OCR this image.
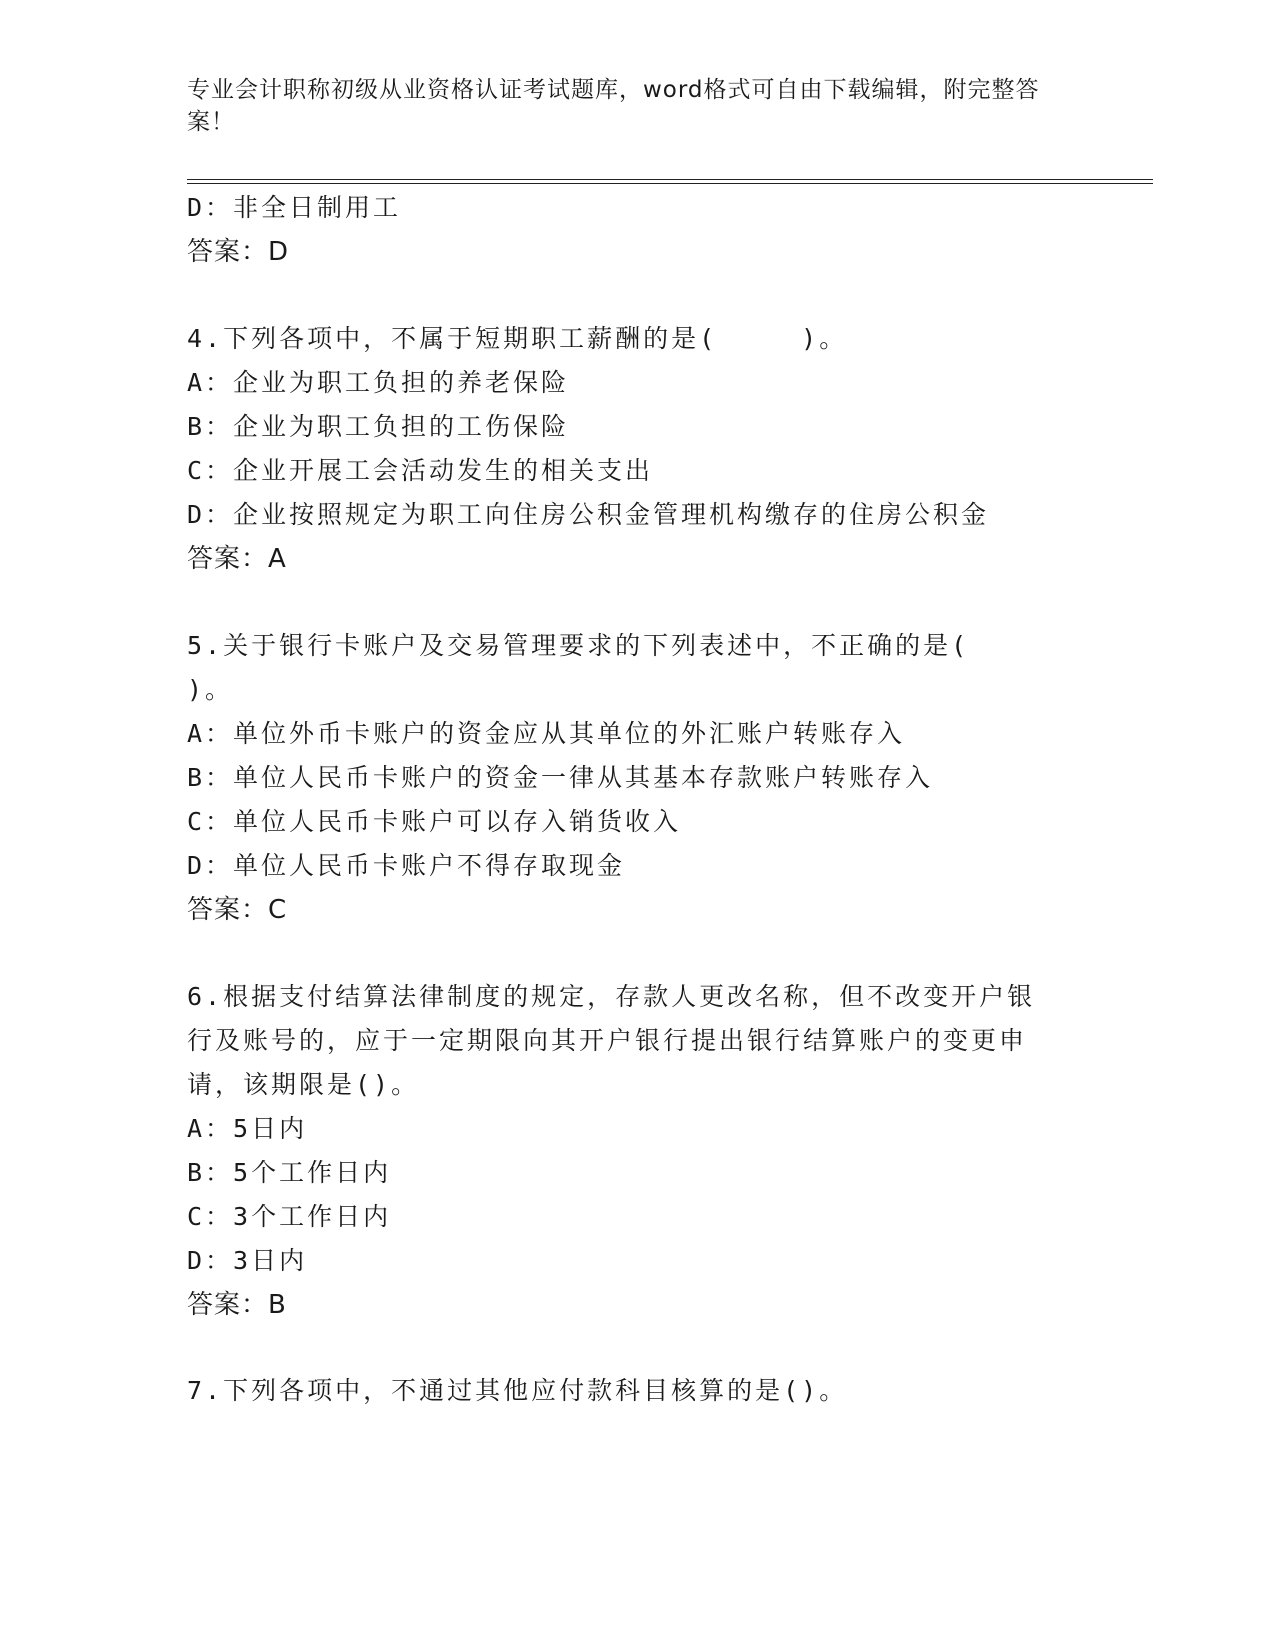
专业会计职称初级从业资格认证考试题库，word格式可自由下载编辑，附完整答
案！
D：非全日制用工
答案：D
4.下列各项中，不属于短期职工薪酬的是(　　　)。
A：企业为职工负担的养老保险
B：企业为职工负担的工伤保险
C：企业开展工会活动发生的相关支出
D：企业按照规定为职工向住房公积金管理机构缴存的住房公积金
答案：A
5.关于银行卡账户及交易管理要求的下列表述中，不正确的是(
)。
A：单位外币卡账户的资金应从其单位的外汇账户转账存入
B：单位人民币卡账户的资金一律从其基本存款账户转账存入
C：单位人民币卡账户可以存入销货收入
D：单位人民币卡账户不得存取现金
答案：C
6.根据支付结算法律制度的规定，存款人更改名称，但不改变开户银
行及账号的，应于一定期限向其开户银行提出银行结算账户的变更申
请，该期限是()。
A：5日内
B：5个工作日内
C：3个工作日内
D：3日内
答案：B
7.下列各项中，不通过其他应付款科目核算的是()。
